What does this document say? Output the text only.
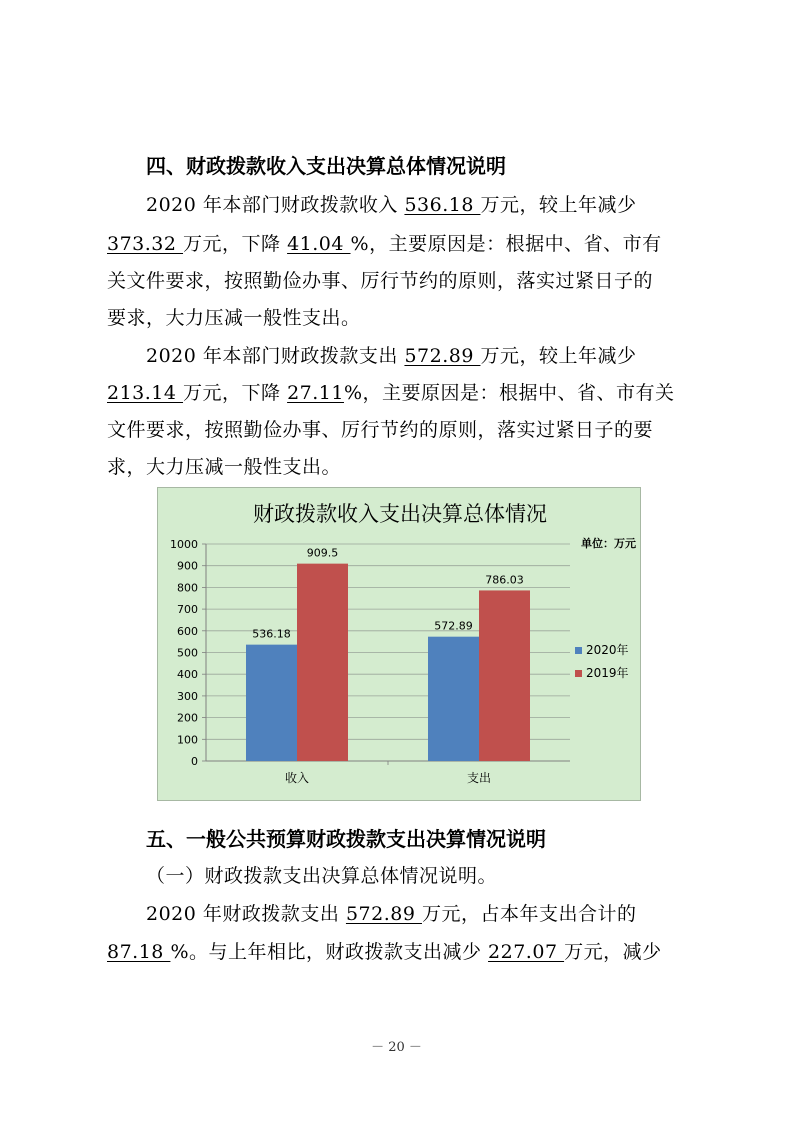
四、财政拨款收入支出决算总体情况说明

2020 年本部门财政拨款收入 536.18 万元，较上年减少

373.32 万元，下降 41.04 %，主要原因是：根据中、省、市有

关文件要求，按照勤俭办事、厉行节约的原则，落实过紧日子的

要求，大力压减一般性支出。

2020 年本部门财政拨款支出 572.89 万元，较上年减少

213.14 万元，下降 27.11%，主要原因是：根据中、省、市有关

文件要求，按照勤俭办事、厉行节约的原则，落实过紧日子的要

求，大力压减一般性支出。

财政拨款收入支出决算总体情况
单位：万元
0
100
200
300
400
500
600
700
800
900
1000
536.18
909.5
收入
572.89
786.03
支出
2020年
2019年

五、一般公共预算财政拨款支出决算情况说明

（一）财政拨款支出决算总体情况说明。

2020 年财政拨款支出 572.89 万元，占本年支出合计的

87.18 %。与上年相比，财政拨款支出减少 227.07 万元，减少

－ 20 －
